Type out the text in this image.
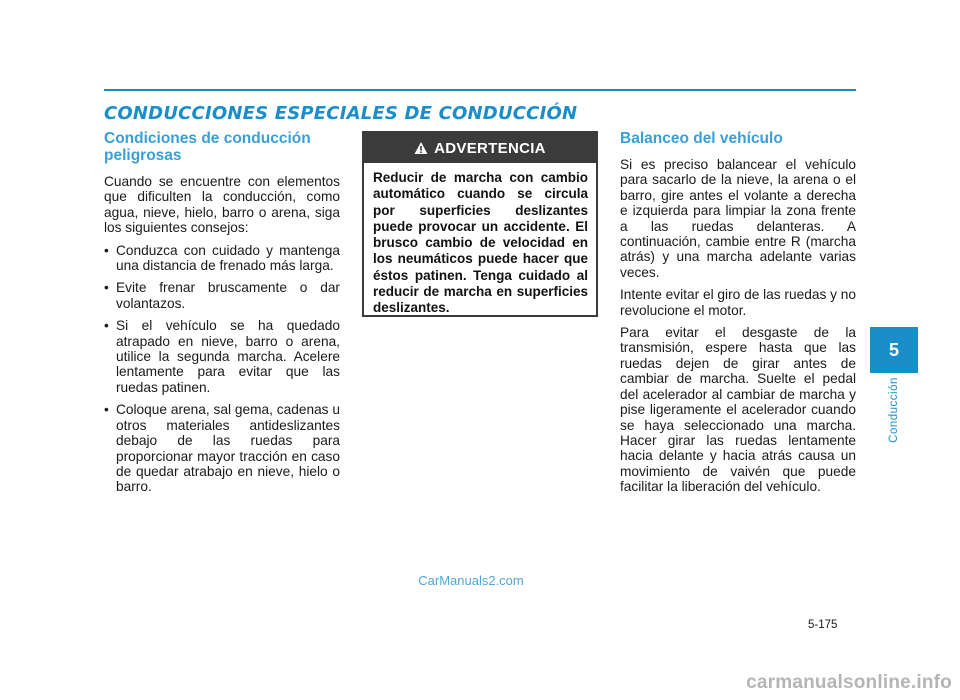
CONDUCCIONES ESPECIALES DE CONDUCCIÓN
Condiciones de conducción peligrosas

Cuando se encuentre con elementos que dificulten la conducción, como agua, nieve, hielo, barro o arena, siga los siguientes consejos:

• Conduzca con cuidado y mantenga una distancia de frenado más larga.
• Evite frenar bruscamente o dar volantazos.
• Si el vehículo se ha quedado atrapado en nieve, barro o arena, utilice la segunda marcha. Acelere lentamente para evitar que las ruedas patinen.
• Coloque arena, sal gema, cadenas u otros materiales antideslizantes debajo de las ruedas para proporcionar mayor tracción en caso de quedar atrabajo en nieve, hielo o barro.
ADVERTENCIA

Reducir de marcha con cambio automático cuando se circula por superficies deslizantes puede provocar un accidente. El brusco cambio de velocidad en los neumáticos puede hacer que éstos patinen. Tenga cuidado al reducir de marcha en superficies deslizantes.

Balanceo del vehículo

Si es preciso balancear el vehículo para sacarlo de la nieve, la arena o el barro, gire antes el volante a derecha e izquierda para limpiar la zona frente a las ruedas delanteras. A continuación, cambie entre R (marcha atrás) y una marcha adelante varias veces.

Intente evitar el giro de las ruedas y no revolucione el motor.

Para evitar el desgaste de la transmisión, espere hasta que las ruedas dejen de girar antes de cambiar de marcha. Suelte el pedal del acelerador al cambiar de marcha y pise ligeramente el acelerador cuando se haya seleccionado una marcha. Hacer girar las ruedas lentamente hacia delante y hacia atrás causa un movimiento de vaivén que puede facilitar la liberación del vehículo.

5
Conducción
CarManuals2.com
5-175
carmanualsonline.info
